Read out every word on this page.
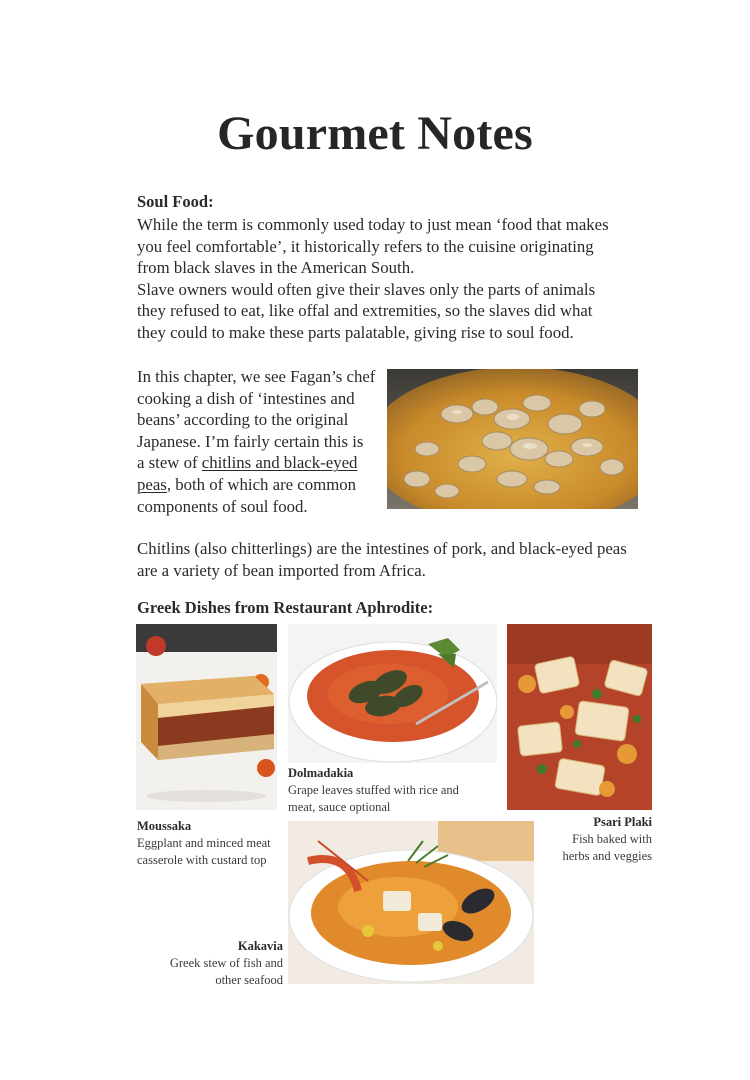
Gourmet Notes
Soul Food:

While the term is commonly used today to just mean ‘food that makes
you feel comfortable’, it historically refers to the cuisine originating
from black slaves in the American South.
Slave owners would often give their slaves only the parts of animals
they refused to eat, like offal and extremities, so the slaves did what
they could to make these parts palatable, giving rise to soul food.

In this chapter, we see Fagan’s chef
cooking a dish of ‘intestines and
beans’ according to the original
Japanese. I’m fairly certain this is
a stew of chitlins and black-eyed
peas, both of which are common
components of soul food.

Chitlins (also chitterlings) are the intestines of pork, and black-eyed peas
are a variety of bean imported from Africa.

Greek Dishes from Restaurant Aphrodite:
Moussaka
Eggplant and minced meat
casserole with custard top
Dolmadakia
Grape leaves stuffed with rice and
meat, sauce optional
Psari Plaki
Fish baked with
herbs and veggies
Kakavia
Greek stew of fish and
other seafood
